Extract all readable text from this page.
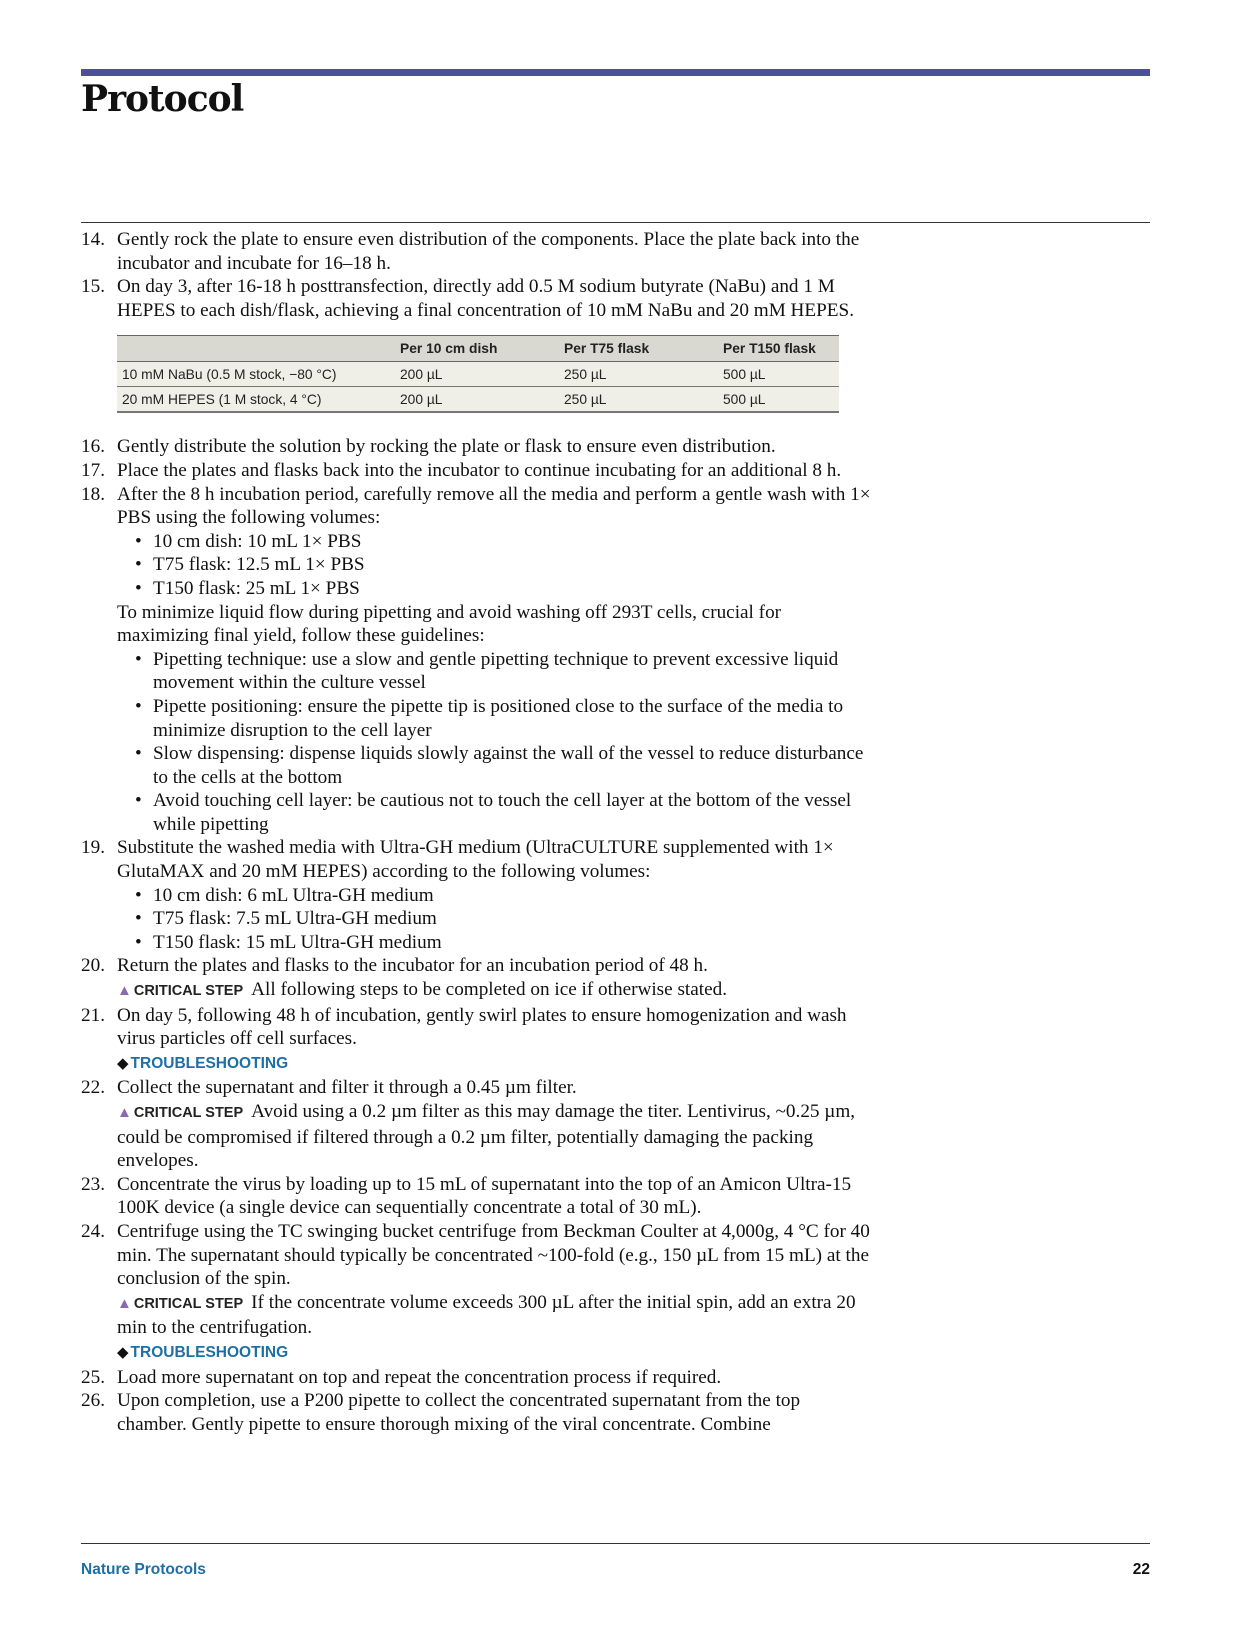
Protocol
14. Gently rock the plate to ensure even distribution of the components. Place the plate back into the incubator and incubate for 16–18 h.
15. On day 3, after 16-18 h posttransfection, directly add 0.5 M sodium butyrate (NaBu) and 1 M HEPES to each dish/flask, achieving a final concentration of 10 mM NaBu and 20 mM HEPES.
	Per 10 cm dish	Per T75 flask	Per T150 flask
10 mM NaBu (0.5 M stock, −80 °C)	200 µL	250 µL	500 µL
20 mM HEPES (1 M stock, 4 °C)	200 µL	250 µL	500 µL
16. Gently distribute the solution by rocking the plate or flask to ensure even distribution.
17. Place the plates and flasks back into the incubator to continue incubating for an additional 8 h.
18. After the 8 h incubation period, carefully remove all the media and perform a gentle wash with 1× PBS using the following volumes:
• 10 cm dish: 10 mL 1× PBS
• T75 flask: 12.5 mL 1× PBS
• T150 flask: 25 mL 1× PBS
To minimize liquid flow during pipetting and avoid washing off 293T cells, crucial for maximizing final yield, follow these guidelines:
• Pipetting technique: use a slow and gentle pipetting technique to prevent excessive liquid movement within the culture vessel
• Pipette positioning: ensure the pipette tip is positioned close to the surface of the media to minimize disruption to the cell layer
• Slow dispensing: dispense liquids slowly against the wall of the vessel to reduce disturbance to the cells at the bottom
• Avoid touching cell layer: be cautious not to touch the cell layer at the bottom of the vessel while pipetting
19. Substitute the washed media with Ultra-GH medium (UltraCULTURE supplemented with 1× GlutaMAX and 20 mM HEPES) according to the following volumes:
• 10 cm dish: 6 mL Ultra-GH medium
• T75 flask: 7.5 mL Ultra-GH medium
• T150 flask: 15 mL Ultra-GH medium
20. Return the plates and flasks to the incubator for an incubation period of 48 h.
▲ CRITICAL STEP All following steps to be completed on ice if otherwise stated.
21. On day 5, following 48 h of incubation, gently swirl plates to ensure homogenization and wash virus particles off cell surfaces.
◆ TROUBLESHOOTING
22. Collect the supernatant and filter it through a 0.45 µm filter.
▲ CRITICAL STEP Avoid using a 0.2 µm filter as this may damage the titer. Lentivirus, ~0.25 µm, could be compromised if filtered through a 0.2 µm filter, potentially damaging the packing envelopes.
23. Concentrate the virus by loading up to 15 mL of supernatant into the top of an Amicon Ultra-15 100K device (a single device can sequentially concentrate a total of 30 mL).
24. Centrifuge using the TC swinging bucket centrifuge from Beckman Coulter at 4,000g, 4 °C for 40 min. The supernatant should typically be concentrated ~100-fold (e.g., 150 µL from 15 mL) at the conclusion of the spin.
▲ CRITICAL STEP If the concentrate volume exceeds 300 µL after the initial spin, add an extra 20 min to the centrifugation.
◆ TROUBLESHOOTING
25. Load more supernatant on top and repeat the concentration process if required.
26. Upon completion, use a P200 pipette to collect the concentrated supernatant from the top chamber. Gently pipette to ensure thorough mixing of the viral concentrate. Combine
Nature Protocols	22
